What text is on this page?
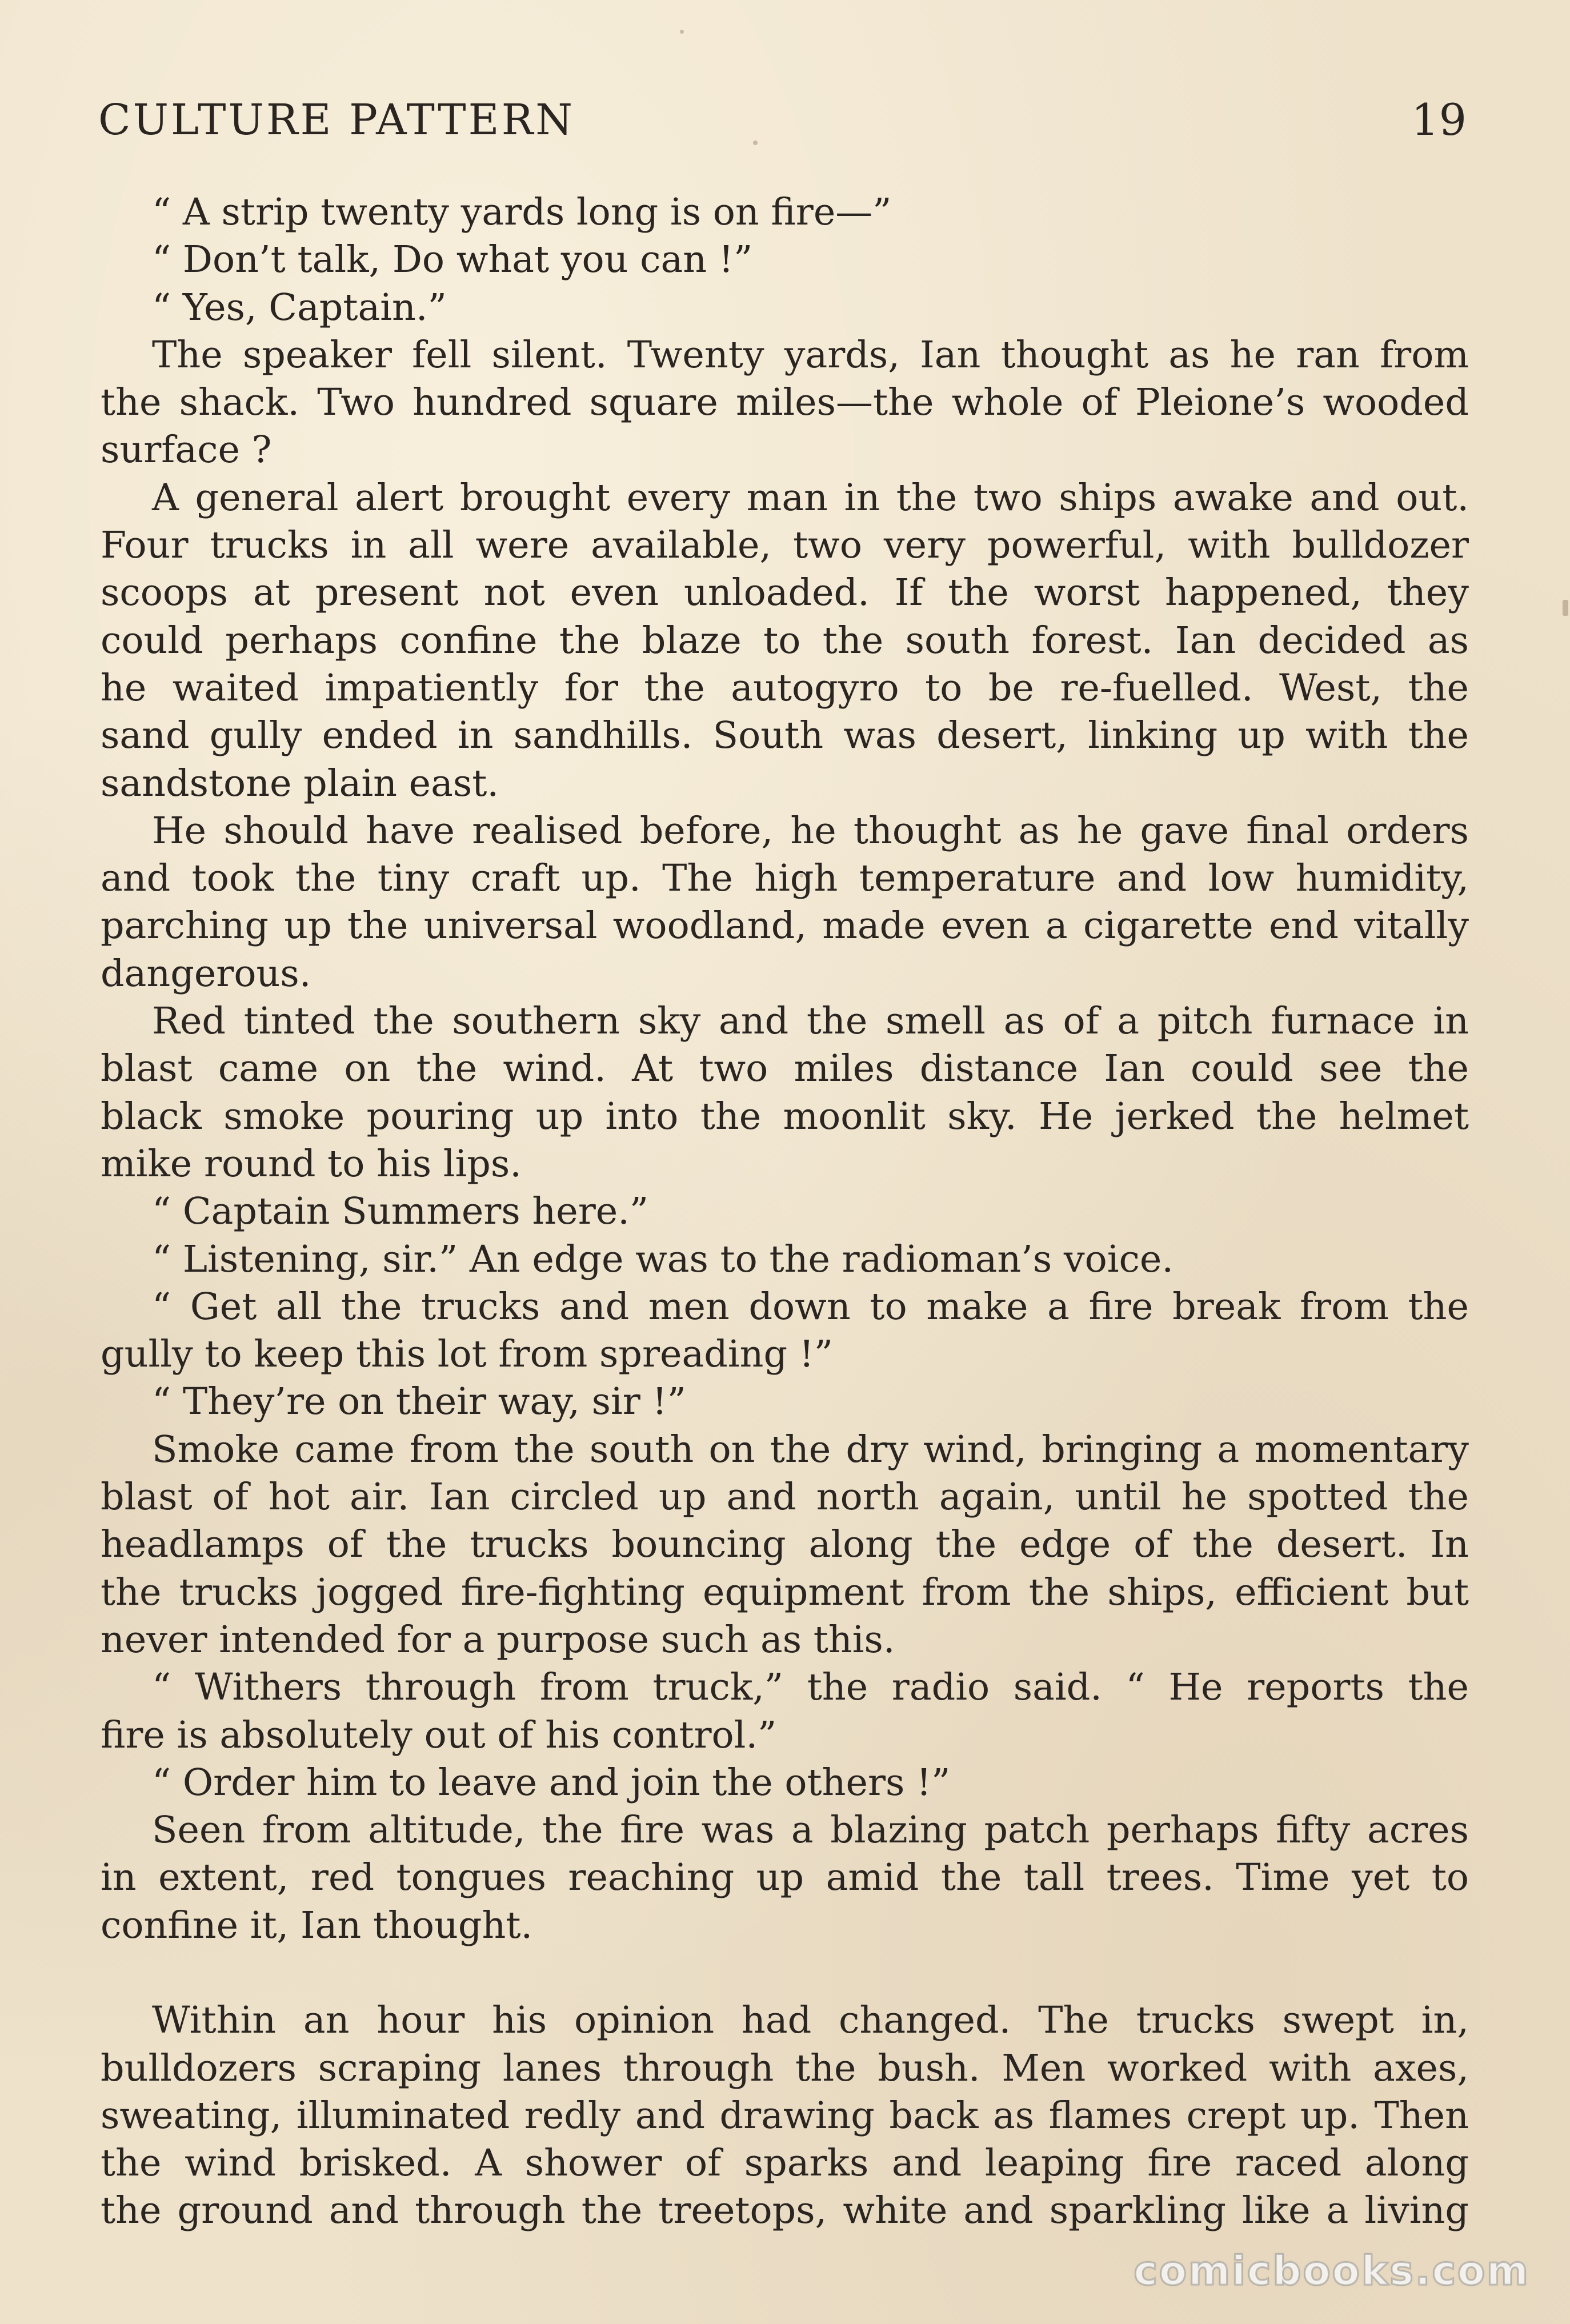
CULTURE PATTERN	19
“ A strip twenty yards long is on fire—”
“ Don’t talk, Do what you can !”
“ Yes, Captain.”
The speaker fell silent. Twenty yards, Ian thought as he ran from
the shack. Two hundred square miles—the whole of Pleione’s wooded
surface ?
A general alert brought every man in the two ships awake and out.
Four trucks in all were available, two very powerful, with bulldozer
scoops at present not even unloaded. If the worst happened, they
could perhaps confine the blaze to the south forest. Ian decided as
he waited impatiently for the autogyro to be re-fuelled. West, the
sand gully ended in sandhills. South was desert, linking up with the
sandstone plain east.
He should have realised before, he thought as he gave final orders
and took the tiny craft up. The high temperature and low humidity,
parching up the universal woodland, made even a cigarette end vitally
dangerous.
Red tinted the southern sky and the smell as of a pitch furnace in
blast came on the wind. At two miles distance Ian could see the
black smoke pouring up into the moonlit sky. He jerked the helmet
mike round to his lips.
“ Captain Summers here.”
“ Listening, sir.” An edge was to the radioman’s voice.
“ Get all the trucks and men down to make a fire break from the
gully to keep this lot from spreading !”
“ They’re on their way, sir !”
Smoke came from the south on the dry wind, bringing a momentary
blast of hot air. Ian circled up and north again, until he spotted the
headlamps of the trucks bouncing along the edge of the desert. In
the trucks jogged fire-fighting equipment from the ships, efficient but
never intended for a purpose such as this.
“ Withers through from truck,” the radio said. “ He reports the
fire is absolutely out of his control.”
“ Order him to leave and join the others !”
Seen from altitude, the fire was a blazing patch perhaps fifty acres
in extent, red tongues reaching up amid the tall trees. Time yet to
confine it, Ian thought.
Within an hour his opinion had changed. The trucks swept in,
bulldozers scraping lanes through the bush. Men worked with axes,
sweating, illuminated redly and drawing back as flames crept up. Then
the wind brisked. A shower of sparks and leaping fire raced along
the ground and through the treetops, white and sparkling like a living
comicbooks.com
